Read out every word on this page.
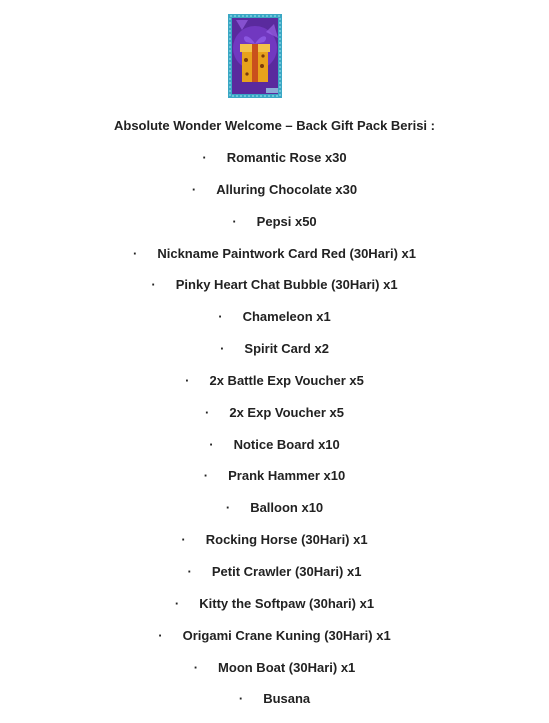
Absolute Wonder Welcome – Back Gift Pack Berisi :
· Romantic Rose x30
· Alluring Chocolate x30
· Pepsi x50
· Nickname Paintwork Card Red (30Hari) x1
· Pinky Heart Chat Bubble (30Hari) x1
· Chameleon x1
· Spirit Card x2
· 2x Battle Exp Voucher x5
· 2x Exp Voucher x5
· Notice Board x10
· Prank Hammer x10
· Balloon x10
· Rocking Horse (30Hari) x1
· Petit Crawler (30Hari) x1
· Kitty the Softpaw (30hari) x1
· Origami Crane Kuning (30Hari) x1
· Moon Boat (30Hari) x1
· Busana
